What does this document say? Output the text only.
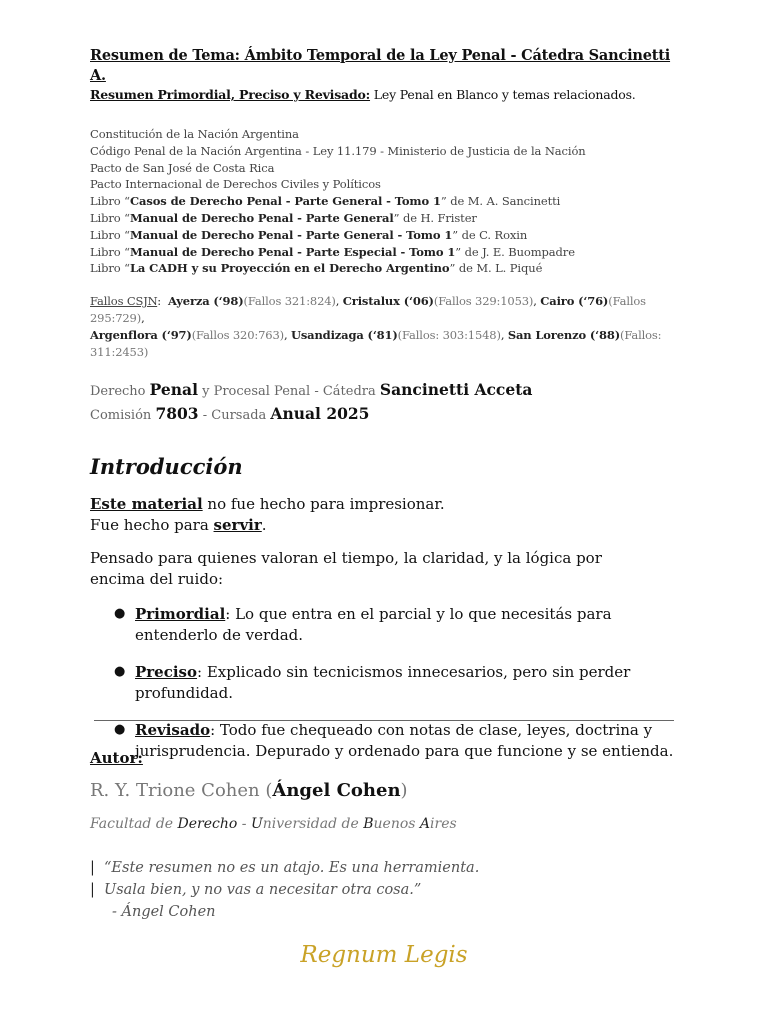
Resumen de Tema: Ámbito Temporal de la Ley Penal - Cátedra Sancinetti A.

Resumen Primordial, Preciso y Revisado: Ley Penal en Blanco y temas relacionados.

Constitución de la Nación Argentina
Código Penal de la Nación Argentina - Ley 11.179 - Ministerio de Justicia de la Nación
Pacto de San José de Costa Rica
Pacto Internacional de Derechos Civiles y Políticos
Libro “Casos de Derecho Penal - Parte General - Tomo 1” de M. A. Sancinetti
Libro “Manual de Derecho Penal - Parte General” de H. Frister
Libro “Manual de Derecho Penal - Parte General - Tomo 1” de C. Roxin
Libro “Manual de Derecho Penal - Parte Especial - Tomo 1” de J. E. Buompadre
Libro “La CADH y su Proyección en el Derecho Argentino” de M. L. Piqué
Fallos CSJN:  Ayerza (‘98)(Fallos 321:824), Cristalux (‘06)(Fallos 329:1053), Cairo (‘76)(Fallos 295:729),
Argenflora (‘97)(Fallos 320:763), Usandizaga (‘81)(Fallos: 303:1548), San Lorenzo (‘88)(Fallos: 311:2453)
Derecho Penal y Procesal Penal - Cátedra Sancinetti Acceta
Comisión 7803 - Cursada Anual 2025
Introducción
Este material no fue hecho para impresionar.
Fue hecho para servir.
Pensado para quienes valoran el tiempo, la claridad, y la lógica por encima del ruido:
● Primordial: Lo que entra en el parcial y lo que necesitás para entenderlo de verdad.
● Preciso: Explicado sin tecnicismos innecesarios, pero sin perder profundidad.
● Revisado: Todo fue chequeado con notas de clase, leyes, doctrina y jurisprudencia. Depurado y ordenado para que funcione y se entienda.
Autor:
R. Y. Trione Cohen (Ángel Cohen)
Facultad de Derecho - Universidad de Buenos Aires
| “Este resumen no es un atajo. Es una herramienta.
| Usala bien, y no vas a necesitar otra cosa.”
- Ángel Cohen
Regnum Legis
